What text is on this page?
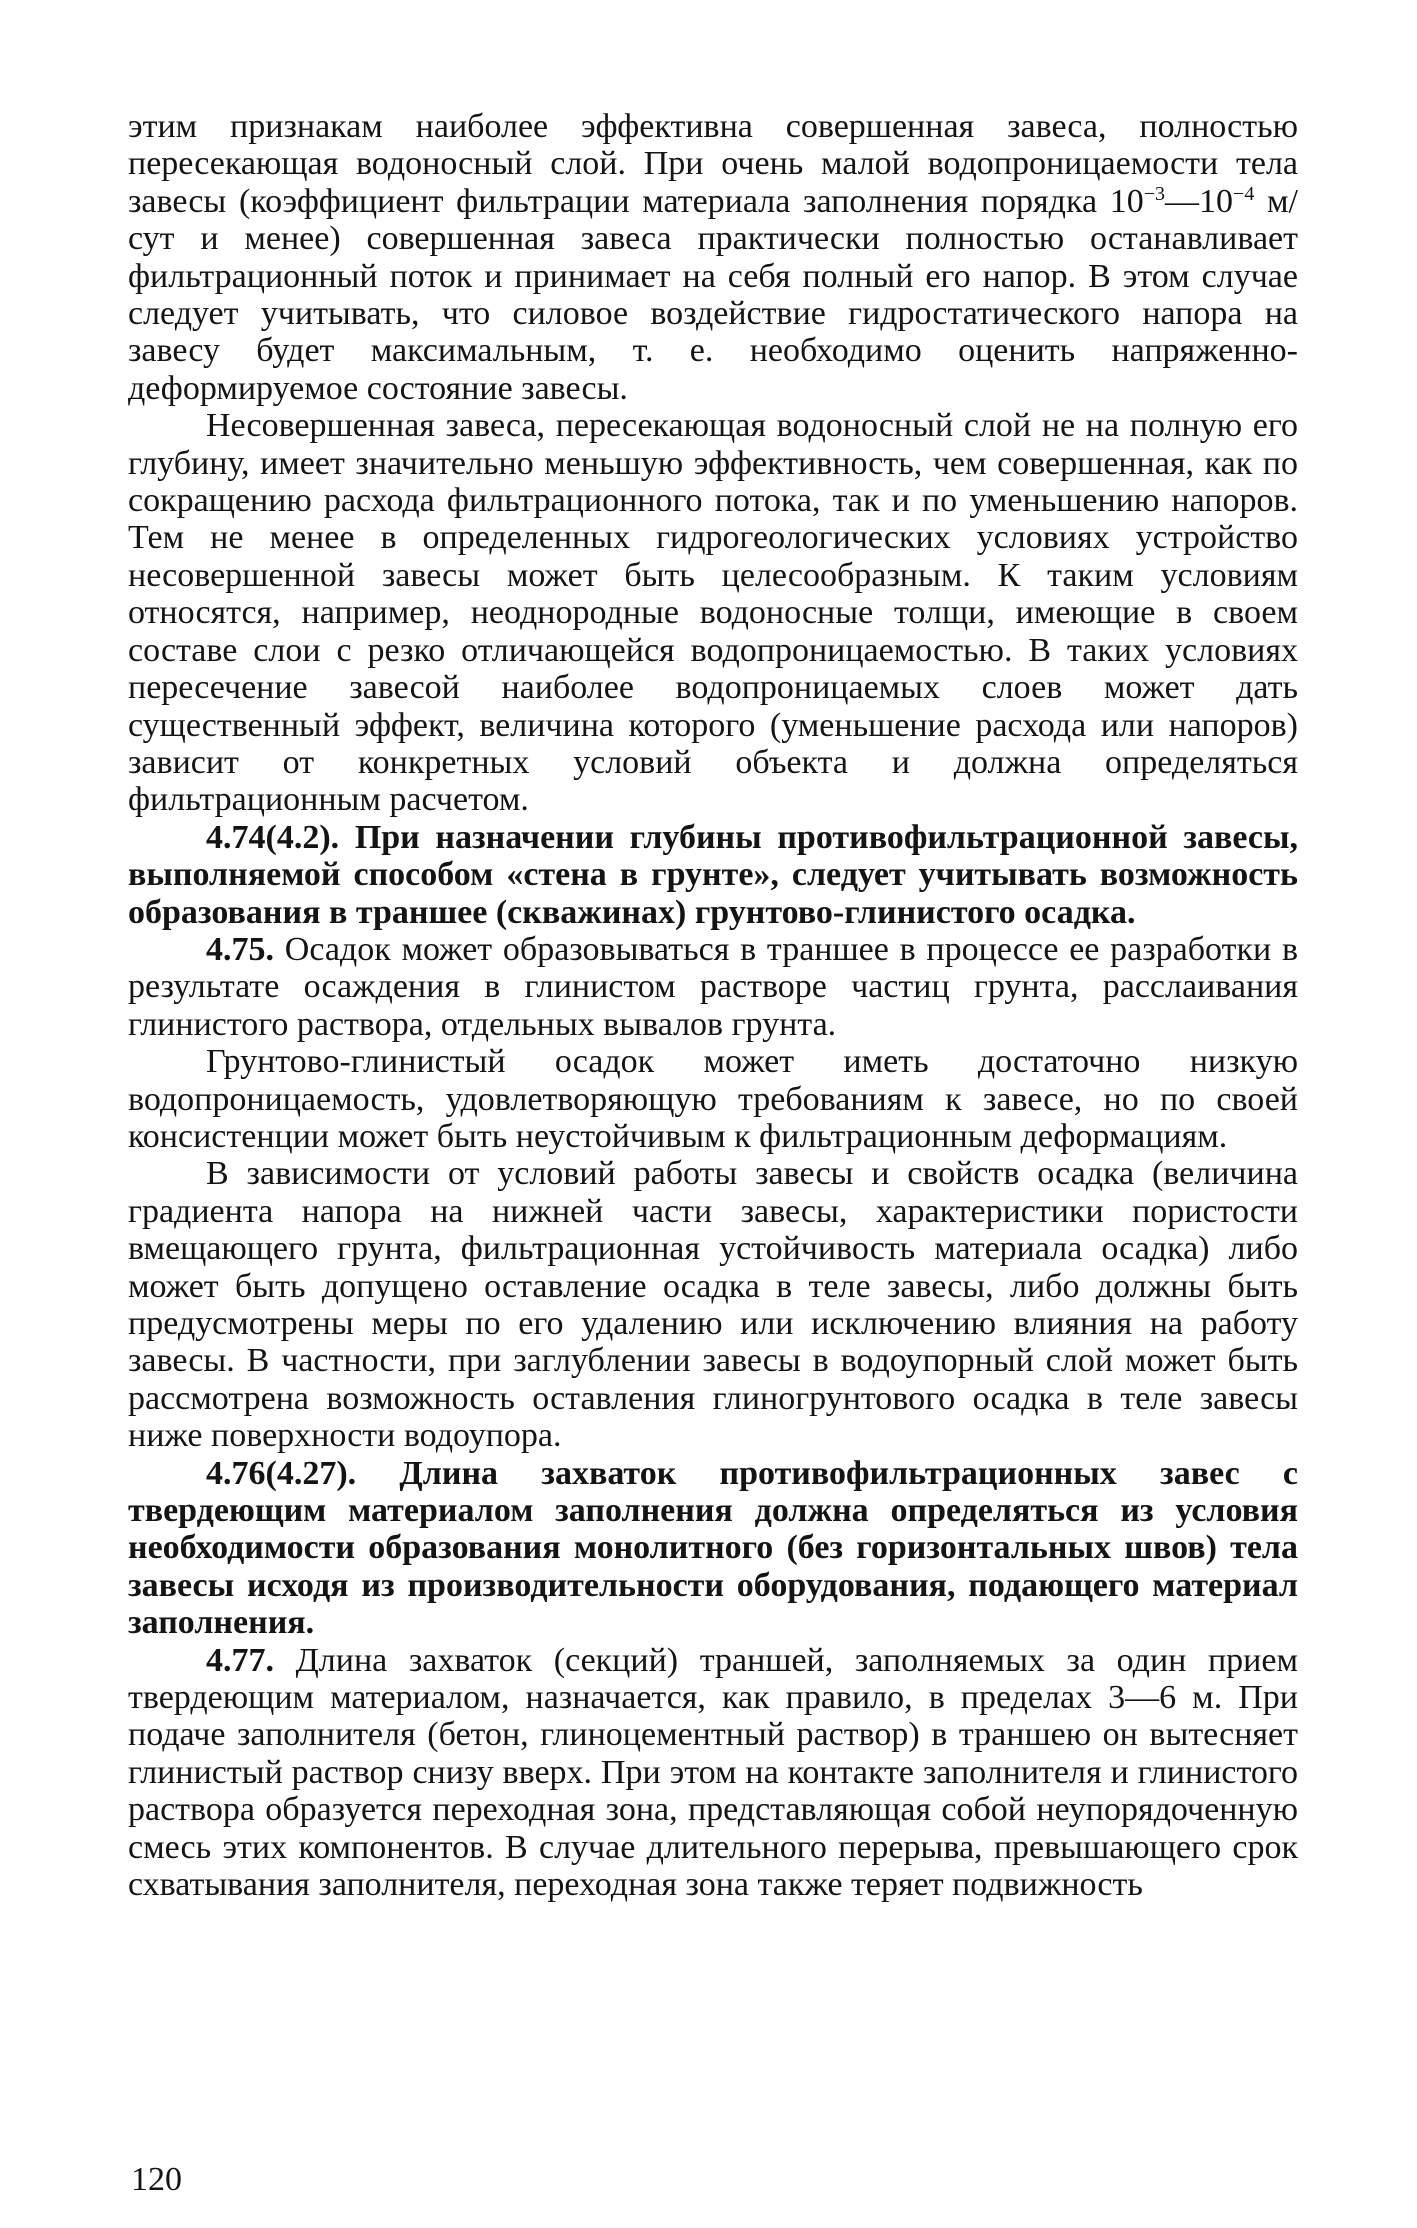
этим признакам наиболее эффективна совершенная завеса, полностью пересекающая водоносный слой. При очень малой водопроницаемости тела завесы (коэффициент фильтрации материала заполнения порядка $10^{-3}—10^{-4}$ м/сут и менее) совершенная завеса практически полностью останавливает фильтрационный поток и принимает на себя полный его напор. В этом случае следует учитывать, что силовое воздействие гидростатического напора на завесу будет максимальным, т. е. необходимо оценить напряженно-деформируемое состояние завесы.

Несовершенная завеса, пересекающая водоносный слой не на полную его глубину, имеет значительно меньшую эффективность, чем совершенная, как по сокращению расхода фильтрационного потока, так и по уменьшению напоров. Тем не менее в определенных гидрогеологических условиях устройство несовершенной завесы может быть целесообразным. К таким условиям относятся, например, неоднородные водоносные толщи, имеющие в своем составе слои с резко отличающейся водопроницаемостью. В таких условиях пересечение завесой наиболее водопроницаемых слоев может дать существенный эффект, величина которого (уменьшение расхода или напоров) зависит от конкретных условий объекта и должна определяться фильтрационным расчетом.

4.74(4.2). При назначении глубины противофильтрационной завесы, выполняемой способом «стена в грунте», следует учитывать возможность образования в траншее (скважинах) грунтово-глинистого осадка.

4.75. Осадок может образовываться в траншее в процессе ее разработки в результате осаждения в глинистом растворе частиц грунта, расслаивания глинистого раствора, отдельных вывалов грунта.

Грунтово-глинистый осадок может иметь достаточно низкую водопроницаемость, удовлетворяющую требованиям к завесе, но по своей консистенции может быть неустойчивым к фильтрационным деформациям.

В зависимости от условий работы завесы и свойств осадка (величина градиента напора на нижней части завесы, характеристики пористости вмещающего грунта, фильтрационная устойчивость материала осадка) либо может быть допущено оставление осадка в теле завесы, либо должны быть предусмотрены меры по его удалению или исключению влияния на работу завесы. В частности, при заглублении завесы в водоупорный слой может быть рассмотрена возможность оставления глиногрунтового осадка в теле завесы ниже поверхности водоупора.

4.76(4.27). Длина захваток противофильтрационных завес с твердеющим материалом заполнения должна определяться из условия необходимости образования монолитного (без горизонтальных швов) тела завесы исходя из производительности оборудования, подающего материал заполнения.

4.77. Длина захваток (секций) траншей, заполняемых за один прием твердеющим материалом, назначается, как правило, в пределах 3—6 м. При подаче заполнителя (бетон, глиноцементный раствор) в траншею он вытесняет глинистый раствор снизу вверх. При этом на контакте заполнителя и глинистого раствора образуется переходная зона, представляющая собой неупорядоченную смесь этих компонентов. В случае длительного перерыва, превышающего срок схватывания заполнителя, переходная зона также теряет подвижность

120
